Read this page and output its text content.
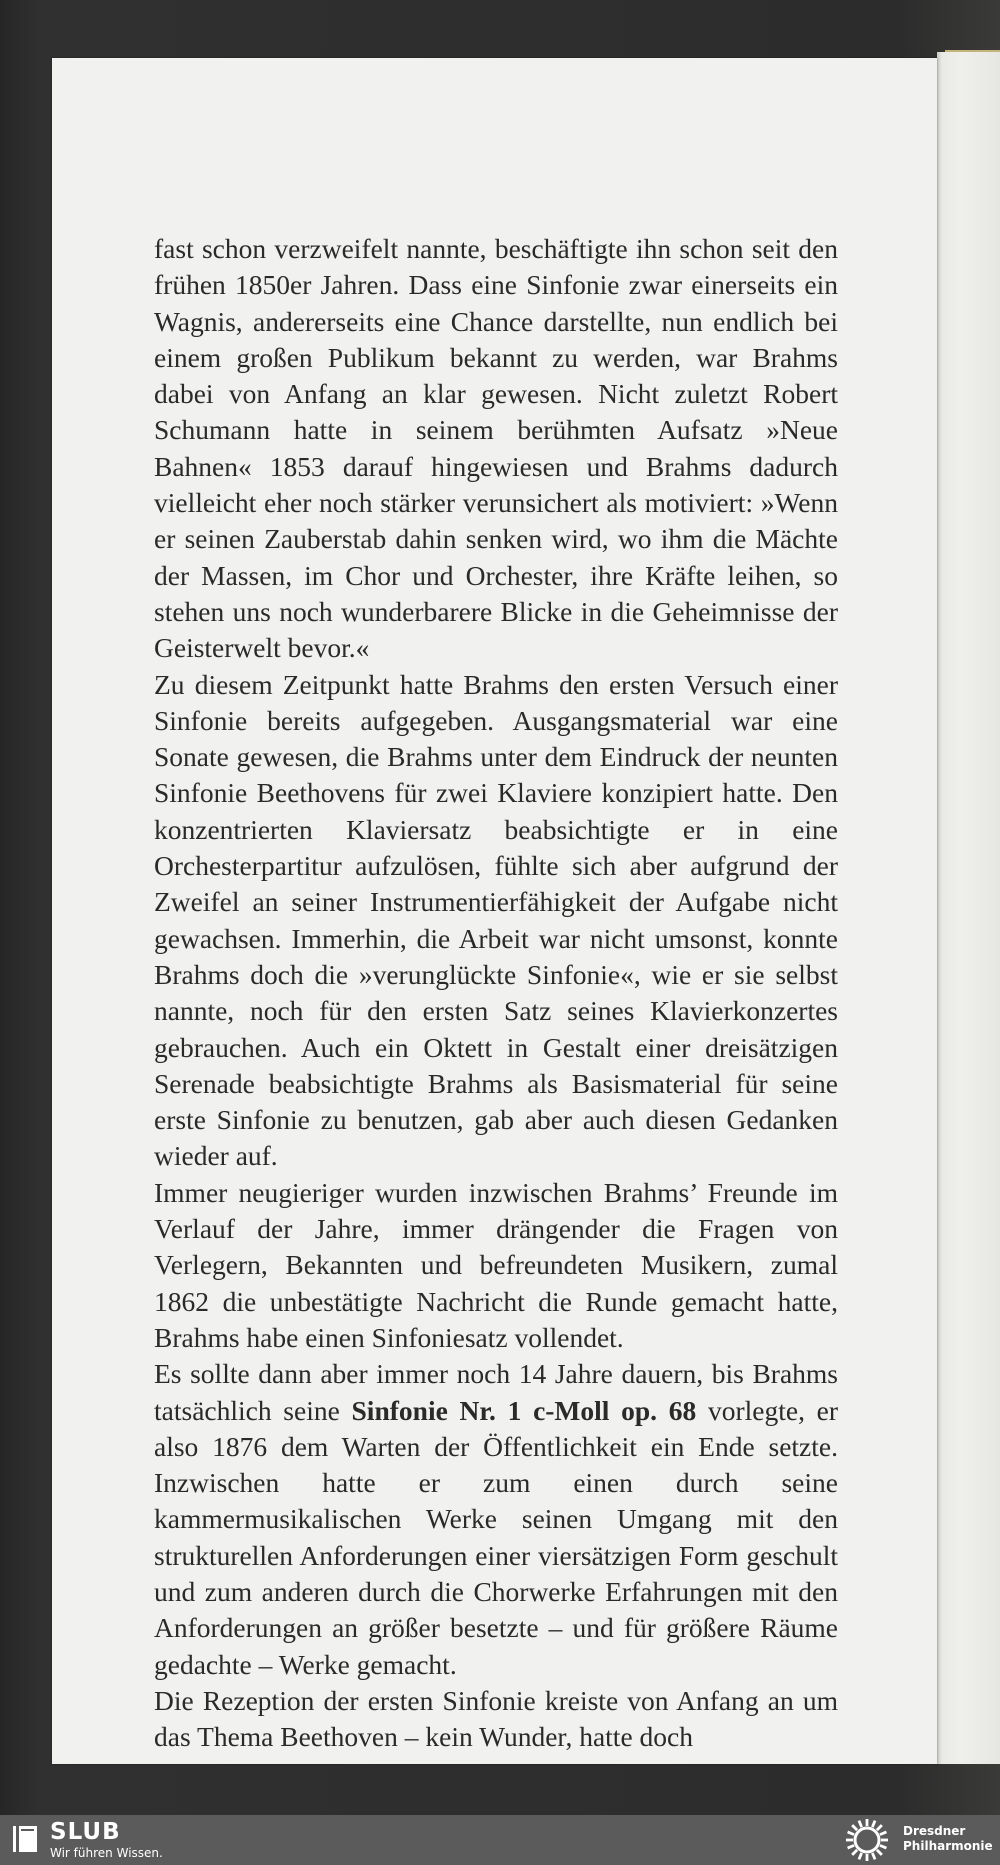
fast schon verzweifelt nannte, beschäftigte ihn schon seit den frühen 1850er Jahren. Dass eine Sinfonie zwar einerseits ein Wagnis, andererseits eine Chance darstellte, nun endlich bei einem großen Publikum bekannt zu werden, war Brahms dabei von Anfang an klar gewesen. Nicht zuletzt Robert Schumann hatte in seinem berühmten Aufsatz »Neue Bahnen« 1853 darauf hingewiesen und Brahms dadurch vielleicht eher noch stärker verunsichert als motiviert: »Wenn er seinen Zauberstab dahin senken wird, wo ihm die Mächte der Massen, im Chor und Orchester, ihre Kräfte leihen, so stehen uns noch wunderbarere Blicke in die Geheimnisse der Geisterwelt bevor.«

Zu diesem Zeitpunkt hatte Brahms den ersten Versuch einer Sinfonie bereits aufgegeben. Ausgangsmaterial war eine Sonate gewesen, die Brahms unter dem Eindruck der neunten Sinfonie Beethovens für zwei Klaviere konzipiert hatte. Den konzentrierten Klaviersatz beabsichtigte er in eine Orchesterpartitur aufzulösen, fühlte sich aber aufgrund der Zweifel an seiner Instrumentierfähigkeit der Aufgabe nicht gewachsen. Immerhin, die Arbeit war nicht umsonst, konnte Brahms doch die »verunglückte Sinfonie«, wie er sie selbst nannte, noch für den ersten Satz seines Klavierkonzertes gebrauchen. Auch ein Oktett in Gestalt einer dreisätzigen Serenade beabsichtigte Brahms als Basismaterial für seine erste Sinfonie zu benutzen, gab aber auch diesen Gedanken wieder auf.

Immer neugieriger wurden inzwischen Brahms’ Freunde im Verlauf der Jahre, immer drängender die Fragen von Verlegern, Bekannten und befreundeten Musikern, zumal 1862 die unbestätigte Nachricht die Runde gemacht hatte, Brahms habe einen Sinfoniesatz vollendet.

Es sollte dann aber immer noch 14 Jahre dauern, bis Brahms tatsächlich seine Sinfonie Nr. 1 c-Moll op. 68 vorlegte, er also 1876 dem Warten der Öffentlichkeit ein Ende setzte. Inzwischen hatte er zum einen durch seine kammermusikalischen Werke seinen Umgang mit den strukturellen Anforderungen einer viersätzigen Form geschult und zum anderen durch die Chorwerke Erfahrungen mit den Anforderungen an größer besetzte – und für größere Räume gedachte – Werke gemacht.

Die Rezeption der ersten Sinfonie kreiste von Anfang an um das Thema Beethoven – kein Wunder, hatte doch

SLUB
Wir führen Wissen.
Dresdner
Philharmonie
